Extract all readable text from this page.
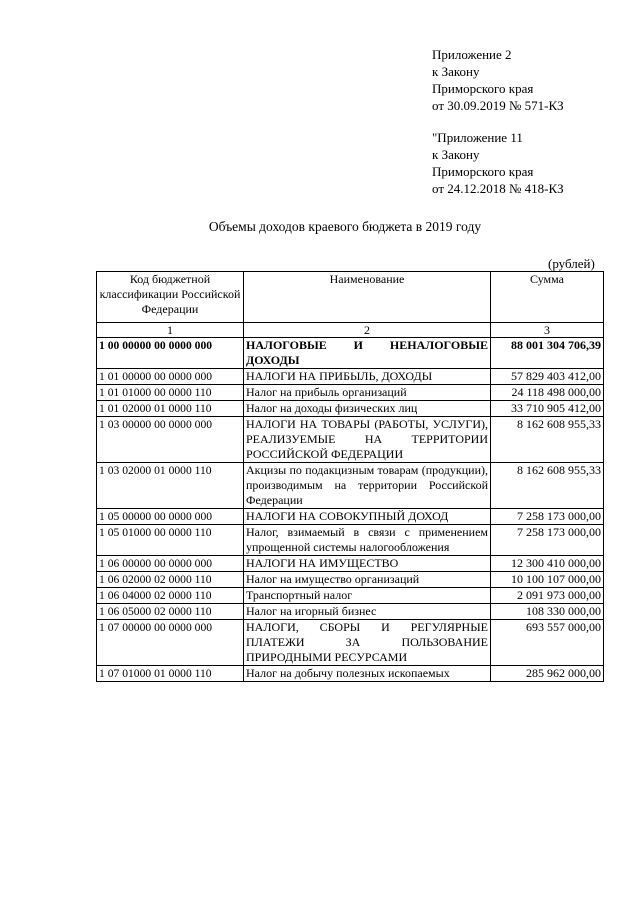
Приложение 2
к Закону
Приморского края
от 30.09.2019 № 571-КЗ
"Приложение 11
к Закону
Приморского края
от 24.12.2018 № 418-КЗ
Объемы доходов краевого бюджета в 2019 году
(рублей)
Код бюджетной классификации Российской Федерации	Наименование	Сумма
1	2	3
1 00 00000 00 0000 000	НАЛОГОВЫЕ И НЕНАЛОГОВЫЕ ДОХОДЫ	88 001 304 706,39
1 01 00000 00 0000 000	НАЛОГИ НА ПРИБЫЛЬ, ДОХОДЫ	57 829 403 412,00
1 01 01000 00 0000 110	Налог на прибыль организаций	24 118 498 000,00
1 01 02000 01 0000 110	Налог на доходы физических лиц	33 710 905 412,00
1 03 00000 00 0000 000	НАЛОГИ НА ТОВАРЫ (РАБОТЫ, УСЛУГИ), РЕАЛИЗУЕМЫЕ НА ТЕРРИТОРИИ РОССИЙСКОЙ ФЕДЕРАЦИИ	8 162 608 955,33
1 03 02000 01 0000 110	Акцизы по подакцизным товарам (продукции), производимым на территории Российской Федерации	8 162 608 955,33
1 05 00000 00 0000 000	НАЛОГИ НА СОВОКУПНЫЙ ДОХОД	7 258 173 000,00
1 05 01000 00 0000 110	Налог, взимаемый в связи с применением упрощенной системы налогообложения	7 258 173 000,00
1 06 00000 00 0000 000	НАЛОГИ НА ИМУЩЕСТВО	12 300 410 000,00
1 06 02000 02 0000 110	Налог на имущество организаций	10 100 107 000,00
1 06 04000 02 0000 110	Транспортный налог	2 091 973 000,00
1 06 05000 02 0000 110	Налог на игорный бизнес	108 330 000,00
1 07 00000 00 0000 000	НАЛОГИ, СБОРЫ И РЕГУЛЯРНЫЕ ПЛАТЕЖИ ЗА ПОЛЬЗОВАНИЕ ПРИРОДНЫМИ РЕСУРСАМИ	693 557 000,00
1 07 01000 01 0000 110	Налог на добычу полезных ископаемых	285 962 000,00
